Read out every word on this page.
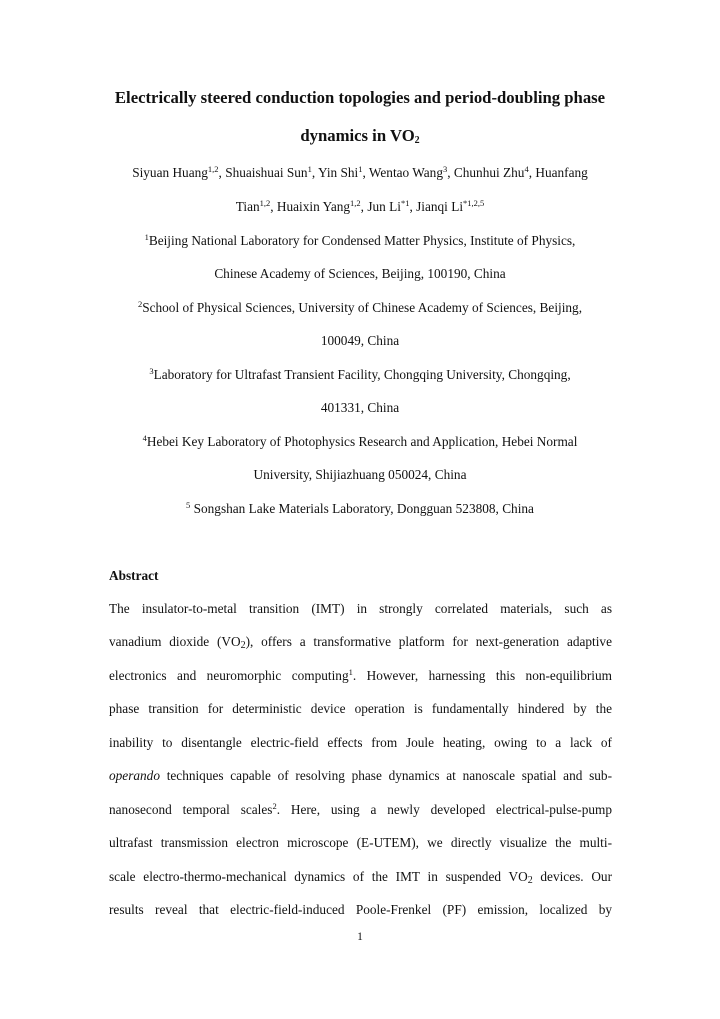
Electrically steered conduction topologies and period-doubling phase
dynamics in $VO_2$
Siyuan Huang$^{1,2}$, Shuaishuai Sun$^1$, Yin Shi$^1$, Wentao Wang$^3$, Chunhui Zhu$^4$, Huanfang
Tian$^{1,2}$, Huaixin Yang$^{1,2}$, Jun Li$^{*1}$, Jianqi Li$^{*1,2,5}$
$^1$Beijing National Laboratory for Condensed Matter Physics, Institute of Physics,
Chinese Academy of Sciences, Beijing, 100190, China
$^2$School of Physical Sciences, University of Chinese Academy of Sciences, Beijing,
100049, China
$^3$Laboratory for Ultrafast Transient Facility, Chongqing University, Chongqing,
401331, China
$^4$Hebei Key Laboratory of Photophysics Research and Application, Hebei Normal
University, Shijiazhuang 050024, China
$^5$ Songshan Lake Materials Laboratory, Dongguan 523808, China
Abstract
The insulator-to-metal transition (IMT) in strongly correlated materials, such as
vanadium dioxide $(VO_2)$, offers a transformative platform for next-generation adaptive
electronics and neuromorphic computing$^1$. However, harnessing this non-equilibrium
phase transition for deterministic device operation is fundamentally hindered by the
inability to disentangle electric-field effects from Joule heating, owing to a lack of
operando techniques capable of resolving phase dynamics at nanoscale spatial and sub-
nanosecond temporal scales$^2$. Here, using a newly developed electrical-pulse-pump
ultrafast transmission electron microscope (E-UTEM), we directly visualize the multi-
scale electro-thermo-mechanical dynamics of the IMT in suspended $VO_2$ devices. Our
results reveal that electric-field-induced Poole-Frenkel (PF) emission, localized by
1
